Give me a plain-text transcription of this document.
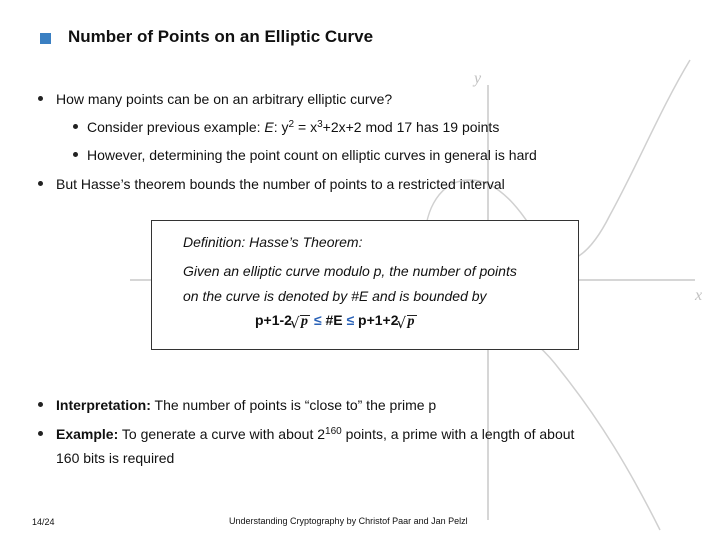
y
x
Number of Points on an Elliptic Curve
How many points can be on an arbitrary elliptic curve?
Consider previous example: E: $y^2 = x^3+2x+2$ mod 17 has 19 points
However, determining the point count on elliptic curves in general is hard
But Hasse’s theorem bounds the number of points to a restricted interval
Definition: Hasse’s Theorem:
Given an elliptic curve modulo p, the number of points
on the curve is denoted by #E and is bounded by
p+1-2 √ p ≤ #E ≤ p+1+2 √ p
Interpretation: The number of points is “close to” the prime p
Example: To generate a curve with about $2^{160}$ points, a prime with a length of about
160 bits is required
14/24	Understanding Cryptography by Christof Paar and Jan Pelzl
